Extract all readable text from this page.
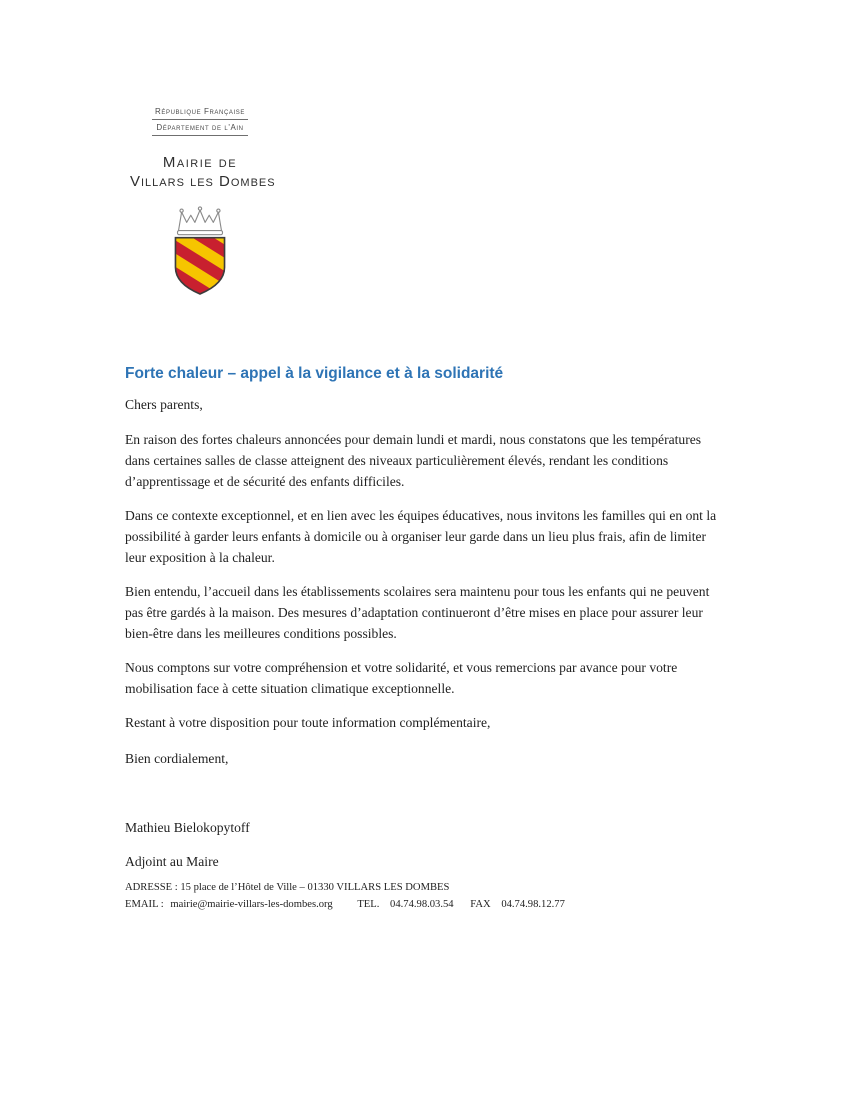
République Française
Département de l'Ain
Mairie de
Villars les Dombes
Forte chaleur – appel à la vigilance et à la solidarité

Chers parents,

En raison des fortes chaleurs annoncées pour demain lundi et mardi, nous constatons que les températures dans certaines salles de classe atteignent des niveaux particulièrement élevés, rendant les conditions d’apprentissage et de sécurité des enfants difficiles.

Dans ce contexte exceptionnel, et en lien avec les équipes éducatives, nous invitons les familles qui en ont la possibilité à garder leurs enfants à domicile ou à organiser leur garde dans un lieu plus frais, afin de limiter leur exposition à la chaleur.

Bien entendu, l’accueil dans les établissements scolaires sera maintenu pour tous les enfants qui ne peuvent pas être gardés à la maison. Des mesures d’adaptation continueront d’être mises en place pour assurer leur bien-être dans les meilleures conditions possibles.

Nous comptons sur votre compréhension et votre solidarité, et vous remercions par avance pour votre mobilisation face à cette situation climatique exceptionnelle.

Restant à votre disposition pour toute information complémentaire,

Bien cordialement,

Mathieu Bielokopytoff

Adjoint au Maire

ADRESSE : 15 place de l’Hôtel de Ville – 01330 VILLARS LES DOMBES
EMAIL : mairie@mairie-villars-les-dombes.org TEL. 04.74.98.03.54 FAX 04.74.98.12.77
